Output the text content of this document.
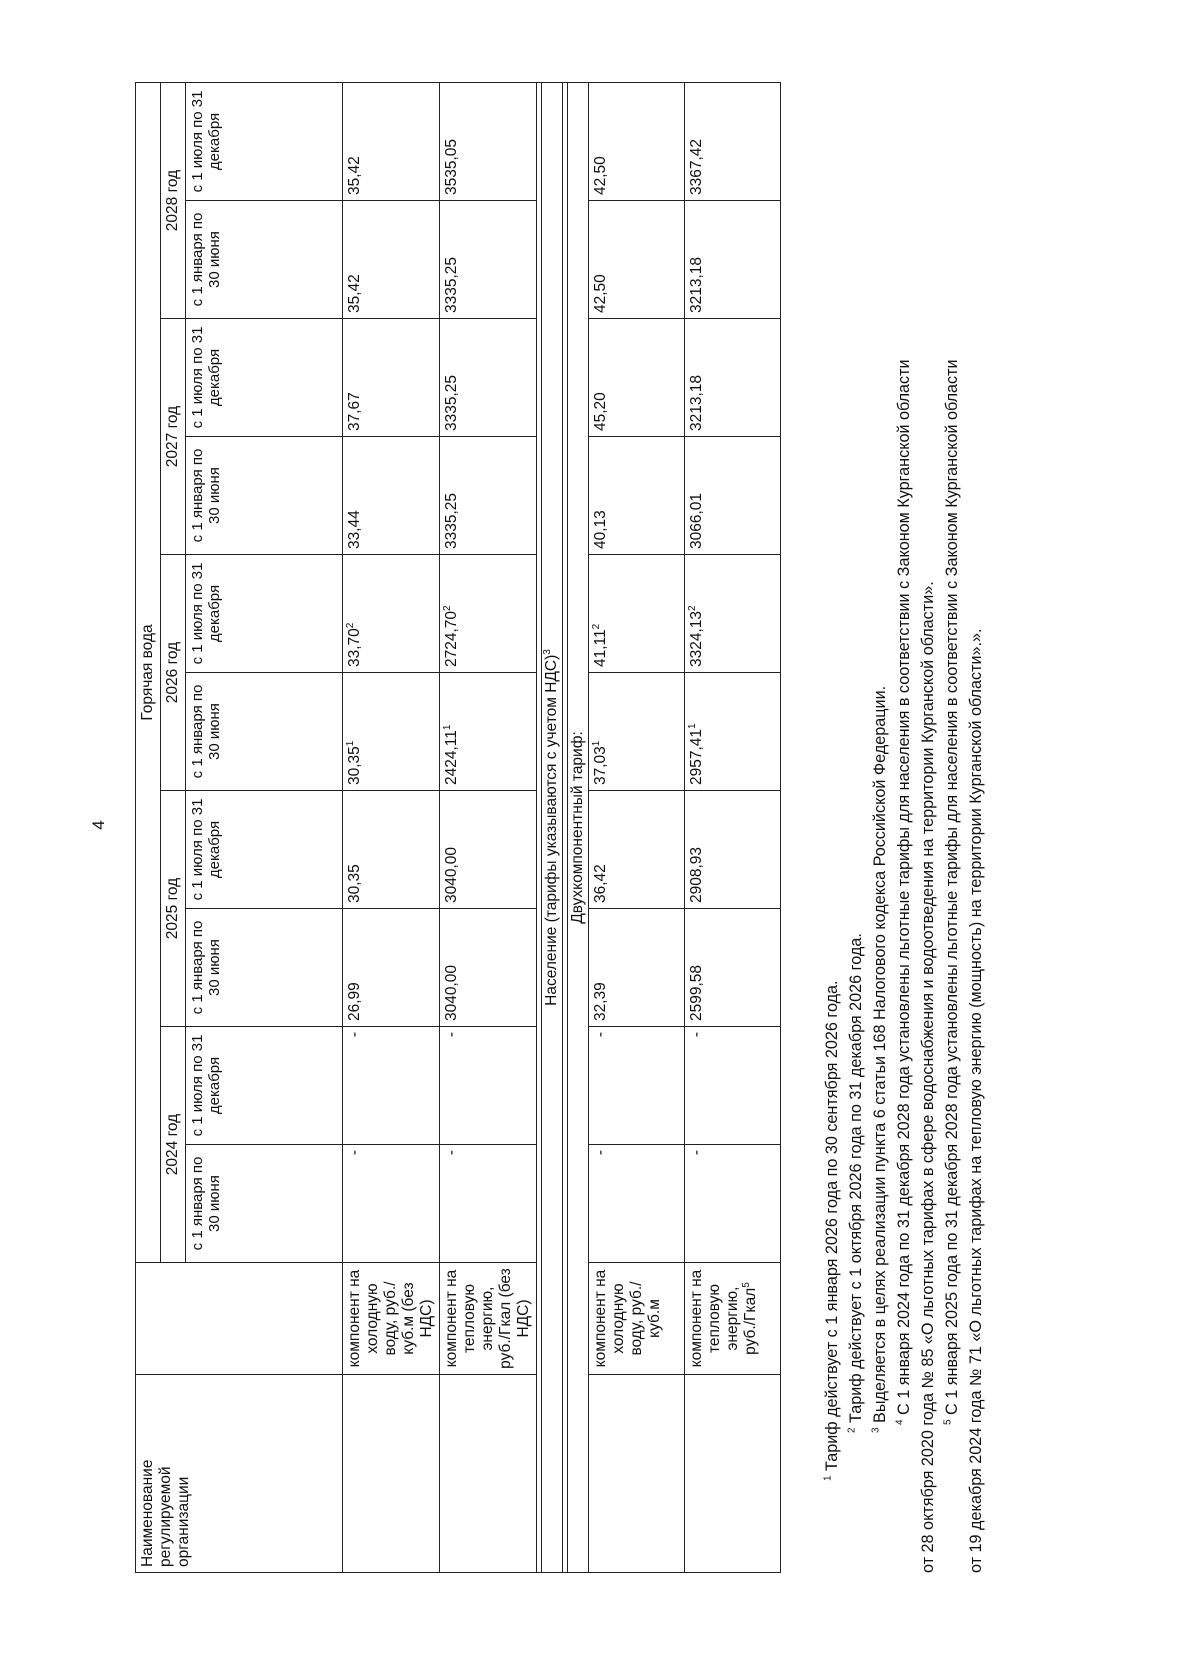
4
Наименование регулируемой организации		Горячая вода									
		2024 год		2025 год		2026 год		2027 год		2028 год	
		с 1 января по 30 июня	с 1 июля по 31 декабря	с 1 января по 30 июня	с 1 июля по 31 декабря	с 1 января по 30 июня	с 1 июля по 31 декабря	с 1 января по 30 июня	с 1 июля по 31 декабря	с 1 января по 30 июня	с 1 июля по 31 декабря
	компонент на холодную воду, руб./куб.м (без НДС)	-	-	26,99	30,35	30,35$^1$	33,70$^2$	33,44	37,67	35,42	35,42
	компонент на тепловую энергию, руб./Гкал (без НДС)	-	-	3040,00	3040,00	2424,11$^1$	2724,70$^2$	3335,25	3335,25	3335,25	3535,05

Население (тарифы указываются с учетом НДС)$^3$

Двухкомпонентный тариф:											
	компонент на холодную воду, руб./куб.м	-	-	32,39	36,42	37,03$^1$	41,11$^2$	40,13	45,20	42,50	42,50
	компонент на тепловую энергию, руб./Гкал$^5$	-	-	2599,58	2908,93	2957,41$^1$	3324,13$^2$	3066,01	3213,18	3213,18	3367,42

$^1$ Тариф действует с 1 января 2026 года по 30 сентября 2026 года. $^2$ Тариф действует с 1 октября 2026 года по 31 декабря 2026 года.

$^3$ Выделяется в целях реализации пункта 6 статьи 168 Налогового кодекса Российской Федерации. $^4$ С 1 января 2024 года по 31 декабря 2028 года установлены льготные тарифы для населения в соответствии с Законом Курганской области от 28 октября 2020 года № 85 «О льготных тарифах в сфере водоснабжения и водоотведения на территории Курганской области». $^5$ С 1 января 2025 года по 31 декабря 2028 года установлены льготные тарифы для населения в соответствии с Законом Курганской области от 19 декабря 2024 года № 71 «О льготных тарифах на тепловую энергию (мощность) на территории Курганской области».».
